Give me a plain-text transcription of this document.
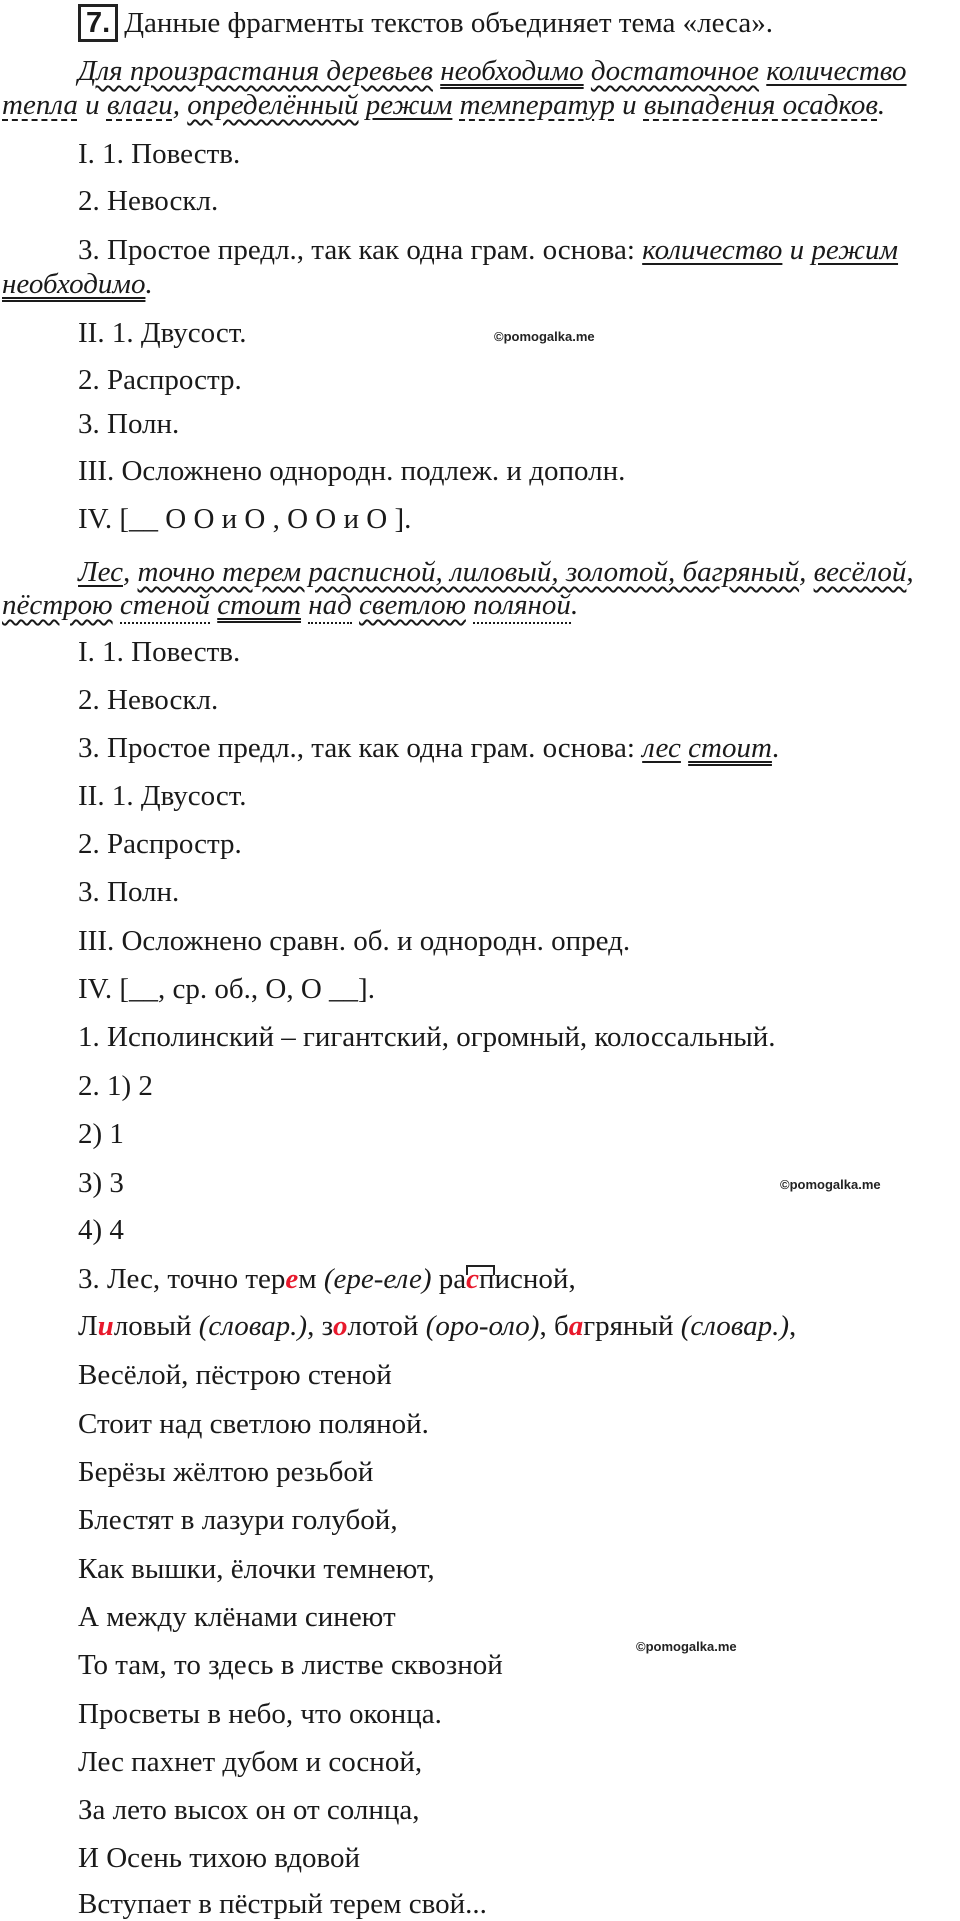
7. Данные фрагменты текстов объединяет тема «леса».
Для произрастания деревьев необходимо достаточное количество
тепла и влаги, определённый режим температур и выпадения осадков.
I. 1. Повеств.
2. Невоскл.
3. Простое предл., так как одна грам. основа: количество и режим
необходимо.
II. 1. Двусост.
2. Распростр.
3. Полн.
III. Осложнено однородн. подлеж. и дополн.
IV. [__ О О и О , О О и О ].
Лес, точно терем расписной, лиловый, золотой, багряный, весёлой,
пёстрою стеной стоит над светлою поляной.
I. 1. Повеств.
2. Невоскл.
3. Простое предл., так как одна грам. основа: лес стоит.
II. 1. Двусост.
2. Распростр.
3. Полн.
III. Осложнено сравн. об. и однородн. опред.
IV. [__, ср. об., О, О __].
1. Исполинский – гигантский, огромный, колоссальный.
2. 1) 2
2) 1
3) 3
4) 4
3. Лес, точно терем (ере-еле) расписной,
Лиловый (словар.), золотой (оро-оло), багряный (словар.),
Весёлой, пёстрою стеной
Стоит над светлою поляной.
Берёзы жёлтою резьбой
Блестят в лазури голубой,
Как вышки, ёлочки темнеют,
А между клёнами синеют
То там, то здесь в листве сквозной
Просветы в небо, что оконца.
Лес пахнет дубом и сосной,
За лето высох он от солнца,
И Осень тихою вдовой
Вступает в пёстрый терем свой...
©pomogalka.me
©pomogalka.me
©pomogalka.me
